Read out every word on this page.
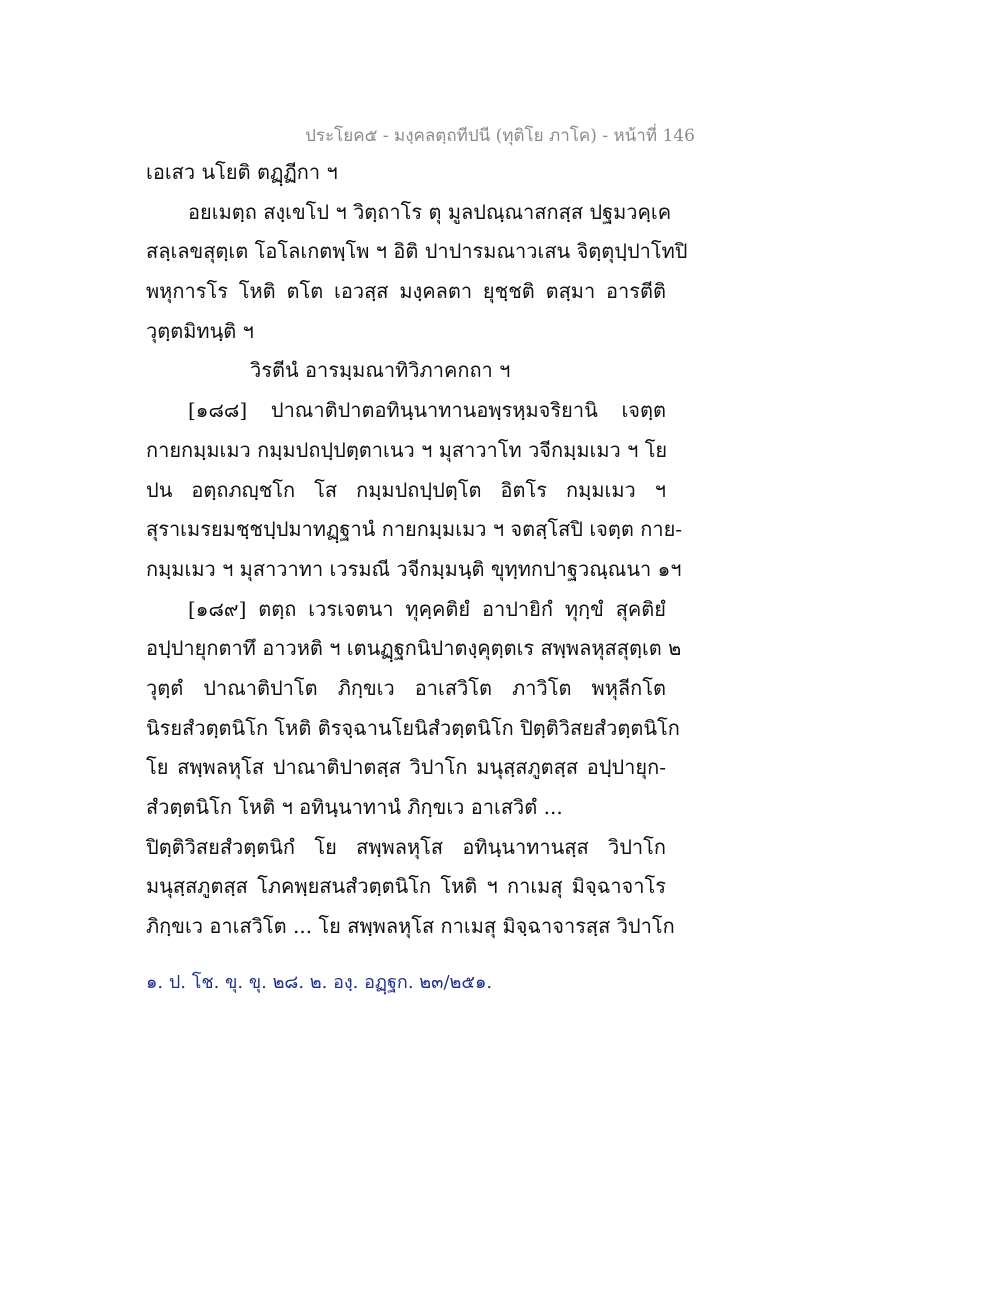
ประโยค๕ - มงฺคลตฺถทีปนี (ทุติโย ภาโค) - หน้าที่ 146
เอเสว นโยติ ตฏฺฏีกา ฯ
อยเมตฺถ สงฺเขโป ฯ วิตฺถาโร ตุ มูลปณฺณาสกสฺส ปฐมวคฺเค
สลฺเลขสุตฺเต โอโลเกตพฺโพ ฯ อิติ ปาปารมณาวเสน จิตฺตุปฺปาโทปิ
พหุการโร โหติ ตโต เอวสฺส มงฺคลตา ยุชฺชติ ตสฺมา อารตีติ
วุตฺตมิทนฺติ ฯ
วิรตีนํ อารมฺมณาทิวิภาคกถา ฯ
[๑๘๘] ปาณาติปาตอทินฺนาทานอพฺรหฺมจริยานิ เจตฺต
กายกมฺมเมว กมฺมปถปฺปตฺตาเนว ฯ มุสาวาโท วจีกมฺมเมว ฯ โย
ปน อตฺถภญฺชโก โส กมฺมปถปฺปตฺโต อิตโร กมฺมเมว ฯ
สุราเมรยมชฺชปฺปมาทฏฺฐานํ กายกมฺมเมว ฯ จตสฺโสปิ เจตฺต กาย-
กมฺมเมว ฯ มุสาวาทา เวรมณี วจีกมฺมนฺติ ขุทฺทกปาฐวณฺณนา ๑ฯ
[๑๘๙] ตตฺถ เวรเจตนา ทุคฺคติยํ อาปายิกํ ทุกฺขํ สุคติยํ
อปฺปายุกตาทึ อาวหติ ฯ เตนฏฺฐกนิปาตงฺคุตฺตเร สพฺพลหุสสุตฺเต ๒
วุตฺตํ ปาณาติปาโต ภิกฺขเว อาเสวิโต ภาวิโต พหุลีกโต
นิรยสํวตฺตนิโก โหติ ติรจฺฉานโยนิสํวตฺตนิโก ปิตฺติวิสยสํวตฺตนิโก
โย สพฺพลหุโส ปาณาติปาตสฺส วิปาโก มนุสฺสภูตสฺส อปฺปายุก-
สํวตฺตนิโก โหติ ฯ อทินฺนาทานํ ภิกฺขเว อาเสวิตํ ...
ปิตฺติวิสยสํวตฺตนิกํ โย สพฺพลหุโส อทินฺนาทานสฺส วิปาโก
มนุสฺสภูตสฺส โภคพฺยสนสํวตฺตนิโก โหติ ฯ กาเมสุ มิจฺฉาจาโร
ภิกฺขเว อาเสวิโต ... โย สพฺพลหุโส กาเมสุ มิจฺฉาจารสฺส วิปาโก
๑. ป. โช. ขุ. ขุ. ๒๘. ๒. องฺ. อฏฺฐก. ๒๓/๒๕๑.
